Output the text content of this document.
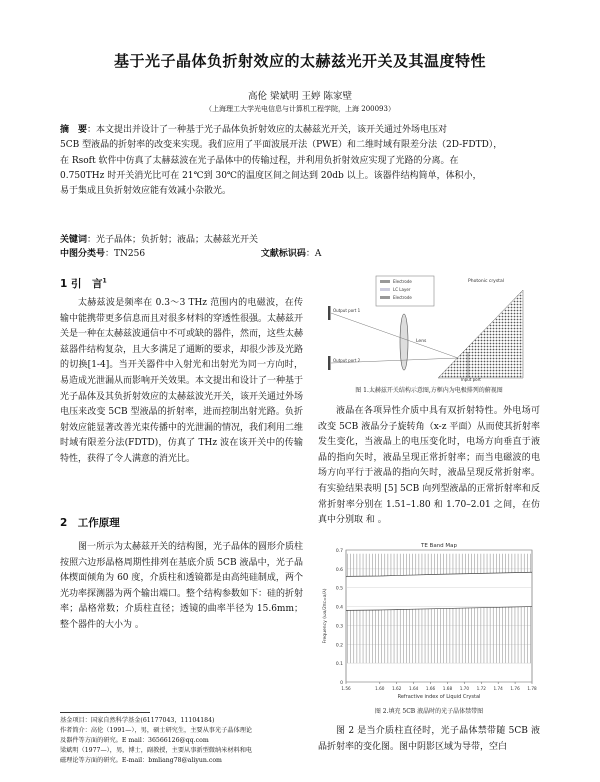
基于光子晶体负折射效应的太赫兹光开关及其温度特性
高伦 梁斌明 王婷 陈家壁
（上海理工大学光电信息与计算机工程学院，上海 200093）
摘　要：本文提出并设计了一种基于光子晶体负折射效应的太赫兹光开关，该开关通过外场电压对
5CB 型液晶的折射率的改变来实现。我们应用了平面波展开法（PWE）和二维时域有限差分法（2D-FDTD），
在 Rsoft 软件中仿真了太赫兹波在光子晶体中的传输过程，并利用负折射效应实现了光路的分离。在
0.750THz 时开关消光比可在 21℃到 30℃的温度区间之间达到 20db 以上。该器件结构简单，体积小，
易于集成且负折射效应能有效减小杂散光。
关键词：光子晶体；负折射；液晶；太赫兹光开关
中图分类号：TN256	文献标识码：A
1 引　言$^1$
太赫兹波是频率在 0.3～3 THz 范围内的电磁波，在传输中能携带更多信息而且对很多材料的穿透性很强。太赫兹开关是一种在太赫兹波通信中不可或缺的器件，然而，这些太赫兹器件结构复杂，且大多满足了通断的要求，却很少涉及光路的切换[1-4]。当开关器件中入射光和出射光为同一方向时，易造成光泄漏从而影响开关效果。本文提出和设计了一种基于光子晶体及其负折射效应的太赫兹波光开关，该开关通过外场电压来改变 5CB 型液晶的折射率，进而控制出射光路。负折射效应能显著改善光束传播中的光泄漏的情况，我们利用二维时域有限差分法(FDTD)，仿真了 THz 波在该开关中的传输特性，获得了令人满意的消光比。
2　工作原理
图一所示为太赫兹开关的结构图，光子晶体的圆形介质柱按照六边形晶格周期性排列在基底介质 5CB 液晶中，光子晶体楔面倾角为 60 度，介质柱和透镜都是由高纯硅制成，两个光功率探测器为两个输出端口。整个结构参数如下：硅的折射率；晶格常数；介质柱直径；透镜的曲率半径为 15.6mm；整个器件的大小为 。
基金项目：国家自然科学基金(61177043，11104184)
作者简介：高伦（1991—），男，硕士研究生，主要从事光子晶体理论
及器件等方面的研究。E mail：36566126@qq.com
梁斌明（1977—），男，博士，副教授，主要从事新型微纳米材料和电
磁理论等方面的研究。E-mail：bmliang78@aliyun.com
Electrode
LC Layer
Electrode
Photonic crystal
Lens
Output port 1
Output port 2
Input port
图 1.太赫兹开关结构示意图,方框内为电极排列的俯视图
液晶在各项异性介质中具有双折射特性。外电场可改变 5CB 液晶分子旋转角（x-z 平面）从而使其折射率发生变化，当液晶上的电压变化时，电场方向垂直于液晶的指向矢时，液晶呈现正常折射率；而当电磁波的电场方向平行于液晶的指向矢时，液晶呈现反常折射率。有实验结果表明 [5] 5CB 向列型液晶的正常折射率和反常折射率分别在 1.51–1.80 和 1.70–2.01 之间，在仿真中分别取 和 。
0
0.1
0.2
0.3
0.4
0.5
0.6
0.7
1.56	1.60 1.62 1.64 1.66 1.68 1.70 1.72 1.74 1.76 1.78
TE Band Map
Refractive index of Liquid Crystal
Frequency (ωa/2πc=a/λ)
图 2.填充 5CB 液晶时的光子晶体禁带图
图 2 是当介质柱直径时，光子晶体禁带随 5CB 液晶折射率的变化图。图中阴影区域为导带，空白
